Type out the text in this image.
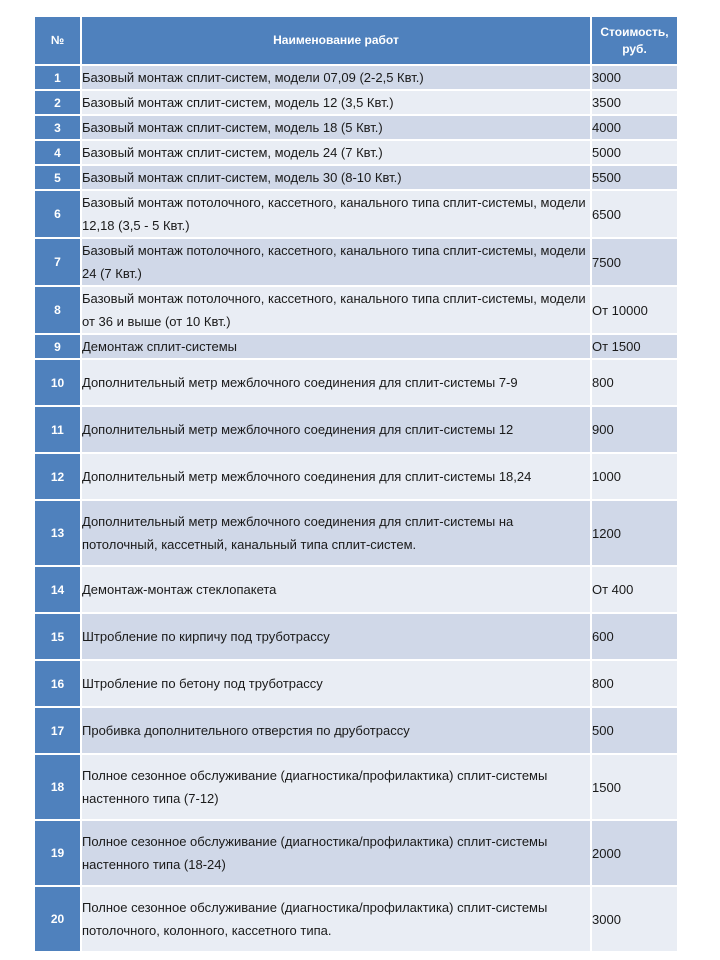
№	Наименование работ	Стоимость,
руб.

1	Базовый монтаж сплит-систем, модели 07,09 (2-2,5 Квт.)	3000
2	Базовый монтаж сплит-систем, модель 12 (3,5 Квт.)	3500
3	Базовый монтаж сплит-систем, модель 18 (5 Квт.)	4000
4	Базовый монтаж сплит-систем, модель 24 (7 Квт.)	5000
5	Базовый монтаж сплит-систем, модель 30 (8-10 Квт.)	5500
6	Базовый монтаж потолочного, кассетного, канального типа сплит-системы, модели 12,18 (3,5 - 5 Квт.)	6500
7	Базовый монтаж потолочного, кассетного, канального типа сплит-системы, модели 24 (7 Квт.)	7500
8	Базовый монтаж потолочного, кассетного, канального типа сплит-системы, модели от 36 и выше (от 10 Квт.)	От 10000
9	Демонтаж сплит-системы	От 1500
10	Дополнительный метр межблочного соединения для сплит-системы 7-9	800
11	Дополнительный метр межблочного соединения для сплит-системы 12	900
12	Дополнительный метр межблочного соединения для сплит-системы 18,24	1000
13	Дополнительный метр межблочного соединения для сплит-системы на потолочный, кассетный, канальный типа сплит-систем.	1200
14	Демонтаж-монтаж стеклопакета	От 400
15	Штробление по кирпичу под труботрассу	600
16	Штробление по бетону под труботрассу	800
17	Пробивка дополнительного отверстия по друботрассу	500
18	Полное сезонное обслуживание (диагностика/профилактика) сплит-системы настенного типа (7-12)	1500
19	Полное сезонное обслуживание (диагностика/профилактика) сплит-системы настенного типа (18-24)	2000
20	Полное сезонное обслуживание (диагностика/профилактика) сплит-системы потолочного, колонного, кассетного типа.	3000
